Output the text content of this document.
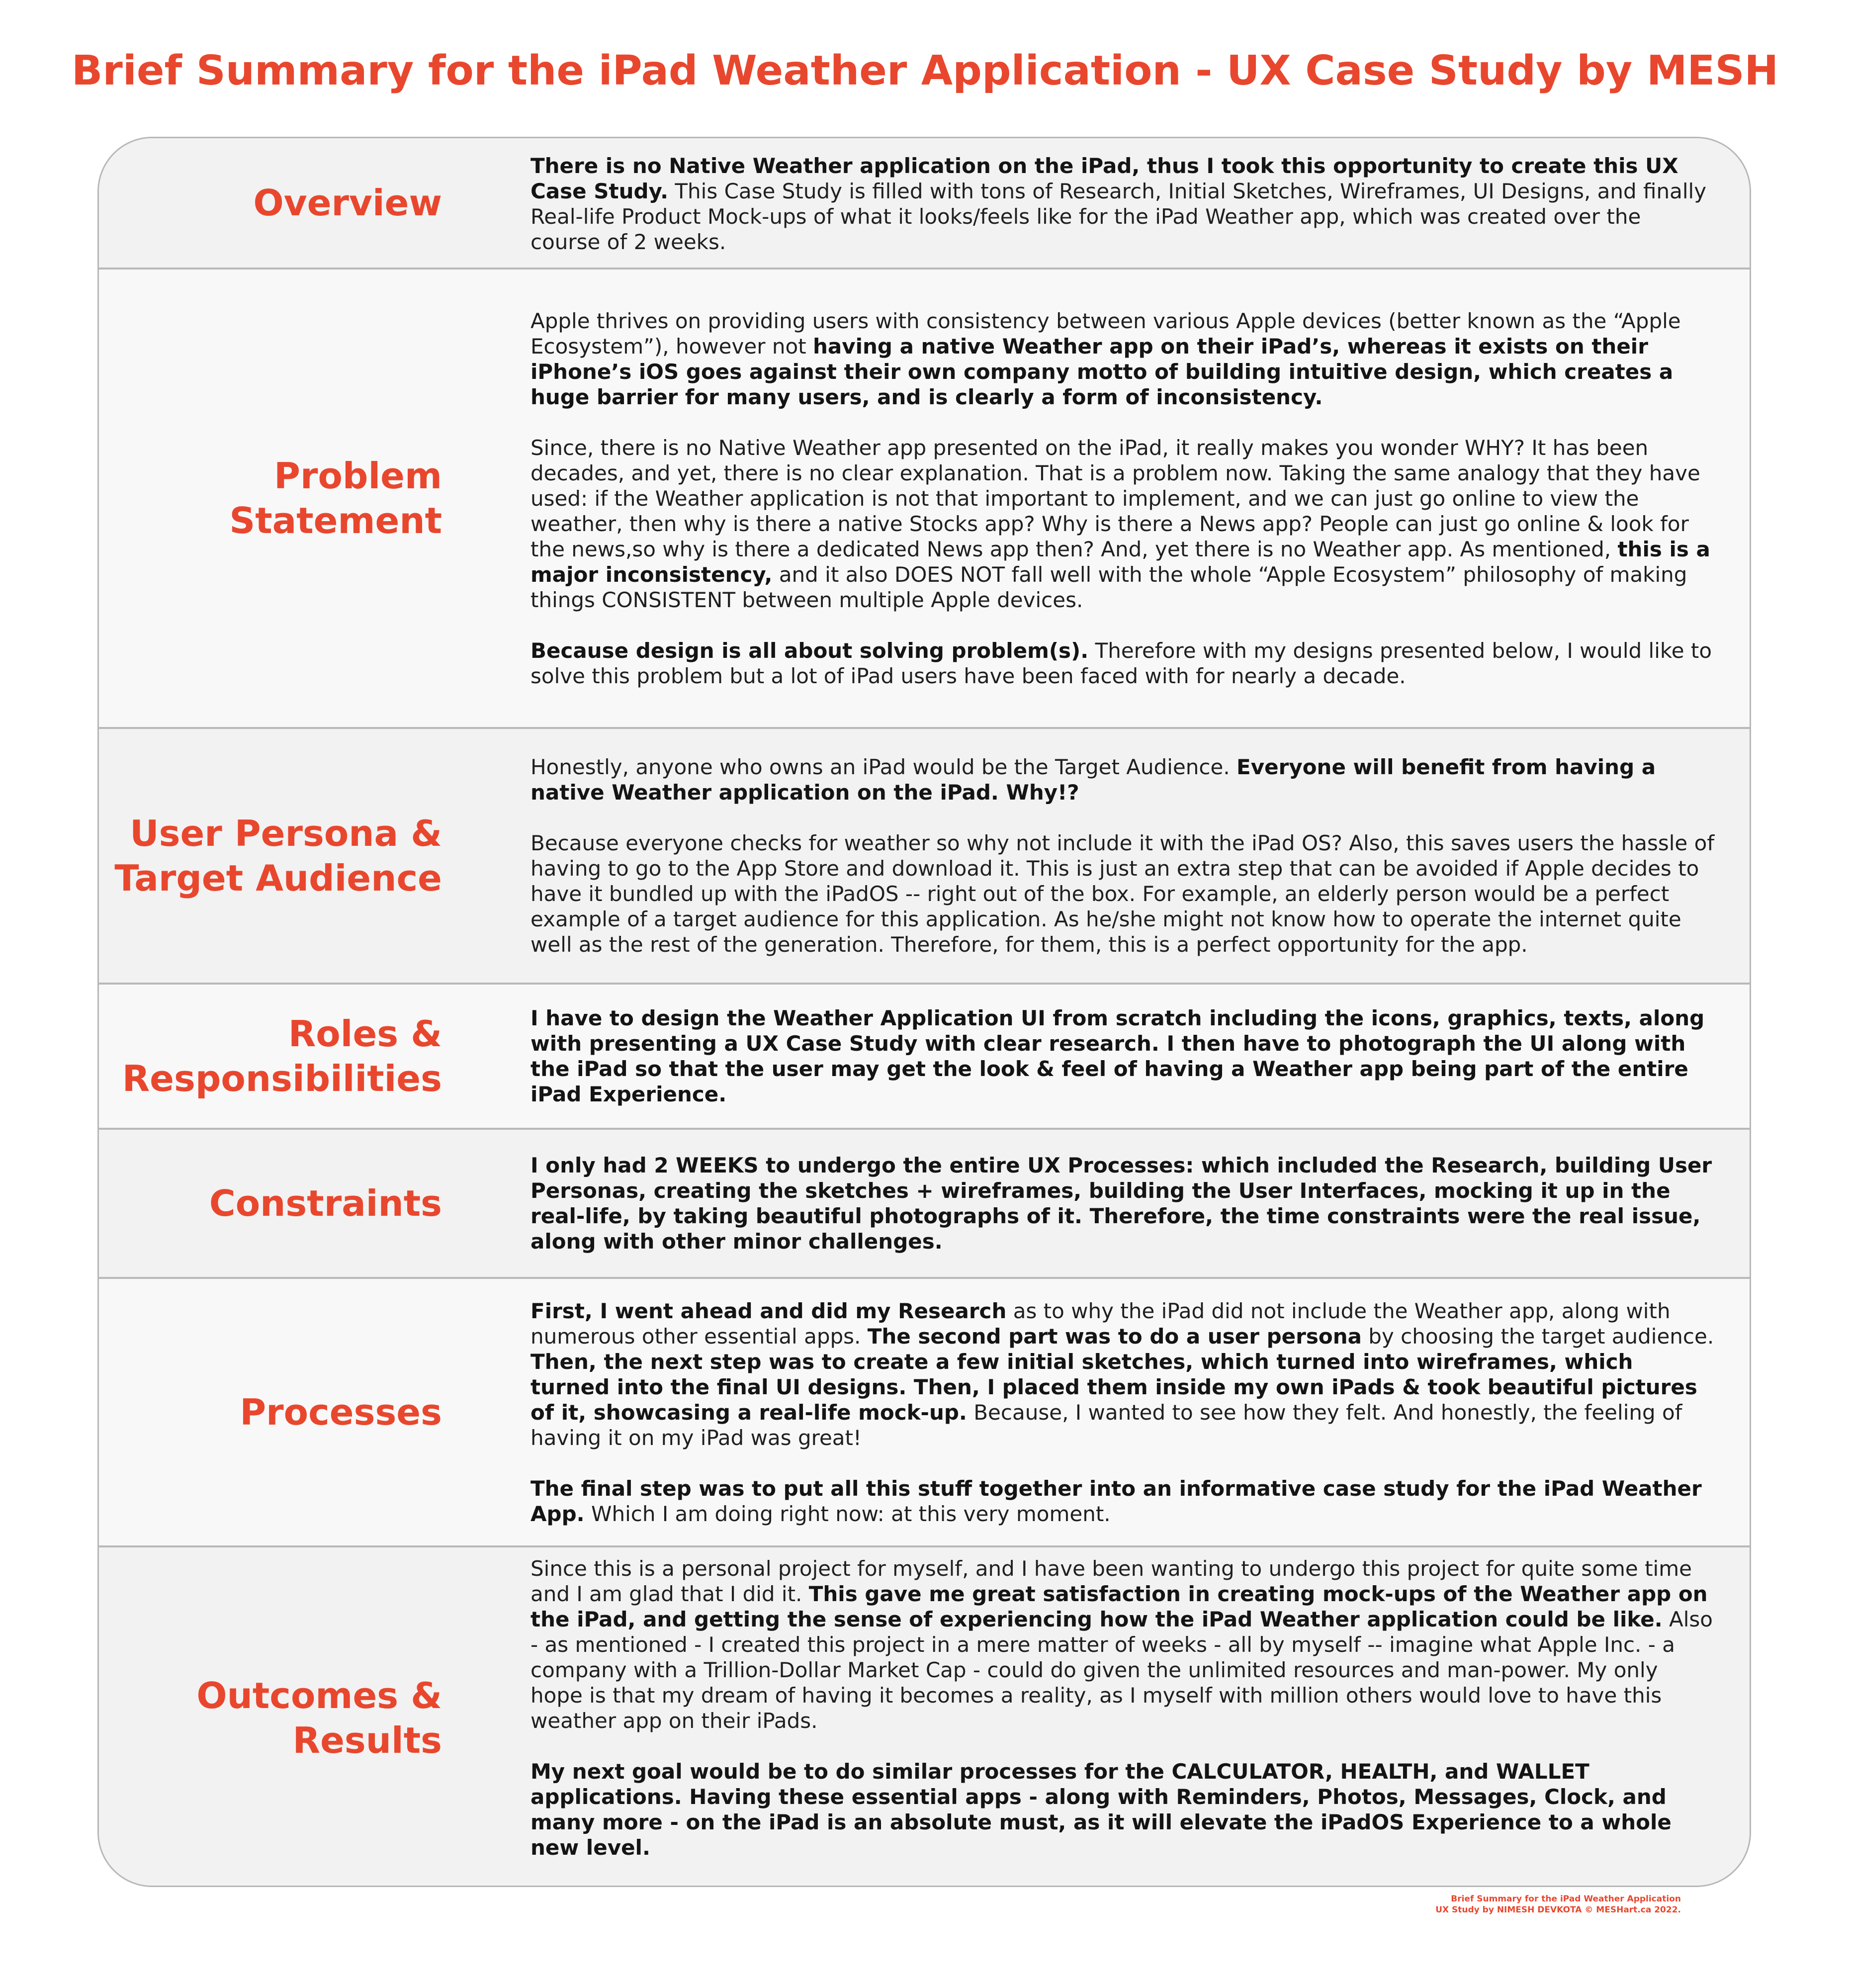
Brief Summary for the iPad Weather Application - UX Case Study by MESH
Overview

There is no Native Weather application on the iPad, thus I took this opportunity to create this UX Case Study. This Case Study is filled with tons of Research, Initial Sketches, Wireframes, UI Designs, and finally Real-life Product Mock-ups of what it looks/feels like for the iPad Weather app, which was created over the course of 2 weeks.

Problem
Statement

Apple thrives on providing users with consistency between various Apple devices (better known as the “Apple Ecosystem”), however not having a native Weather app on their iPad’s, whereas it exists on their iPhone’s iOS goes against their own company motto of building intuitive design, which creates a huge barrier for many users, and is clearly a form of inconsistency.

Since, there is no Native Weather app presented on the iPad, it really makes you wonder WHY? It has been decades, and yet, there is no clear explanation. That is a problem now. Taking the same analogy that they have used: if the Weather application is not that important to implement, and we can just go online to view the weather, then why is there a native Stocks app? Why is there a News app? People can just go online & look for the news,so why is there a dedicated News app then? And, yet there is no Weather app. As mentioned, this is a major inconsistency, and it also DOES NOT fall well with the whole “Apple Ecosystem” philosophy of making things CONSISTENT between multiple Apple devices.

Because design is all about solving problem(s). Therefore with my designs presented below, I would like to solve this problem but a lot of iPad users have been faced with for nearly a decade.

User Persona &
Target Audience

Honestly, anyone who owns an iPad would be the Target Audience. Everyone will benefit from having a native Weather application on the iPad. Why!?

Because everyone checks for weather so why not include it with the iPad OS? Also, this saves users the hassle of having to go to the App Store and download it. This is just an extra step that can be avoided if Apple decides to have it bundled up with the iPadOS -- right out of the box. For example, an elderly person would be a perfect example of a target audience for this application. As he/she might not know how to operate the internet quite well as the rest of the generation. Therefore, for them, this is a perfect opportunity for the app.

Roles &
Responsibilities

I have to design the Weather Application UI from scratch including the icons, graphics, texts, along with presenting a UX Case Study with clear research. I then have to photograph the UI along with the iPad so that the user may get the look & feel of having a Weather app being part of the entire iPad Experience.

Constraints

I only had 2 WEEKS to undergo the entire UX Processes: which included the Research, building User Personas, creating the sketches + wireframes, building the User Interfaces, mocking it up in the real-life, by taking beautiful photographs of it. Therefore, the time constraints were the real issue, along with other minor challenges.

Processes

First, I went ahead and did my Research as to why the iPad did not include the Weather app, along with numerous other essential apps. The second part was to do a user persona by choosing the target audience. Then, the next step was to create a few initial sketches, which turned into wireframes, which turned into the final UI designs. Then, I placed them inside my own iPads & took beautiful pictures of it, showcasing a real-life mock-up. Because, I wanted to see how they felt. And honestly, the feeling of having it on my iPad was great!

The final step was to put all this stuff together into an informative case study for the iPad Weather App. Which I am doing right now: at this very moment.

Outcomes &
Results

Since this is a personal project for myself, and I have been wanting to undergo this project for quite some time and I am glad that I did it. This gave me great satisfaction in creating mock-ups of the Weather app on the iPad, and getting the sense of experiencing how the iPad Weather application could be like. Also - as mentioned - I created this project in a mere matter of weeks - all by myself -- imagine what Apple Inc. - a company with a Trillion-Dollar Market Cap - could do given the unlimited resources and man-power. My only hope is that my dream of having it becomes a reality, as I myself with million others would love to have this weather app on their iPads.

My next goal would be to do similar processes for the CALCULATOR, HEALTH, and WALLET applications. Having these essential apps - along with Reminders, Photos, Messages, Clock, and many more - on the iPad is an absolute must, as it will elevate the iPadOS Experience to a whole new level.

Brief Summary for the iPad Weather Application
UX Study by NIMESH DEVKOTA © MESHart.ca 2022.
